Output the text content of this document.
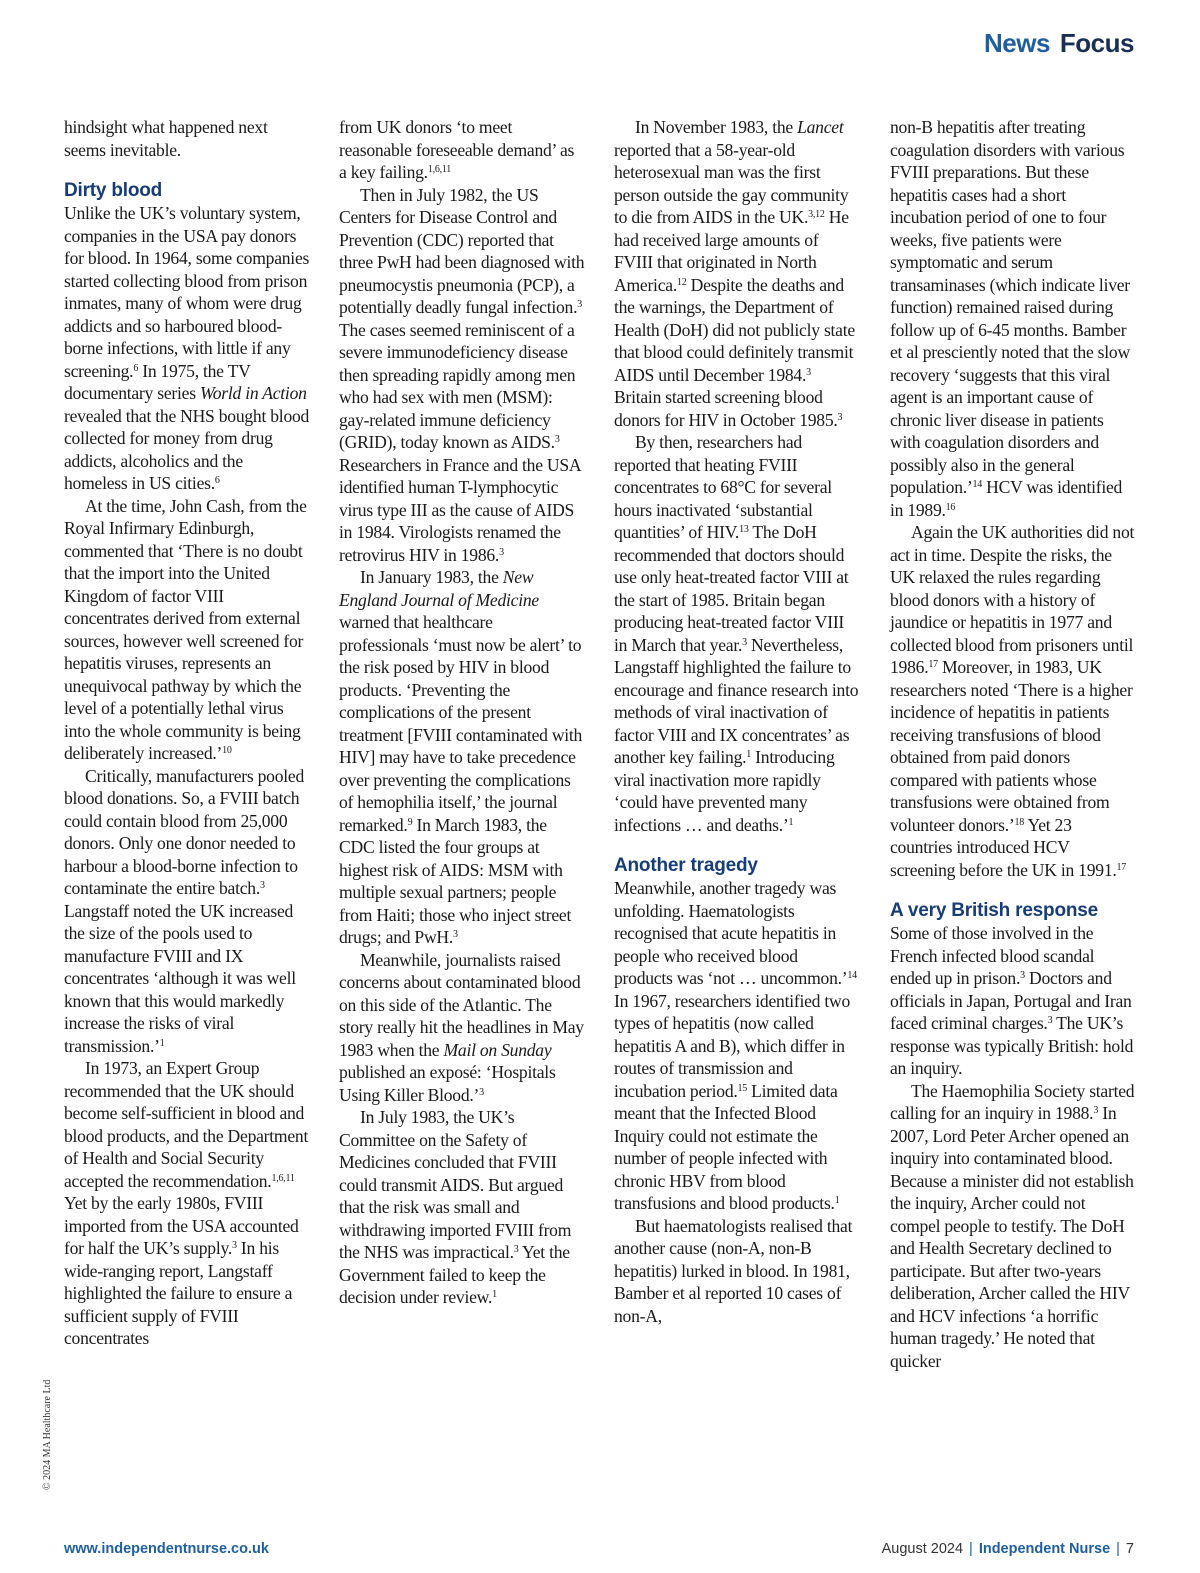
News Focus

hindsight what happened next seems inevitable.

Dirty blood

Unlike the UK’s voluntary system, companies in the USA pay donors for blood. In 1964, some companies started collecting blood from prison inmates, many of whom were drug addicts and so harboured blood-borne infections, with little if any screening.$^6$ In 1975, the TV documentary series World in Action revealed that the NHS bought blood collected for money from drug addicts, alcoholics and the homeless in US cities.$^6$

At the time, John Cash, from the Royal Infirmary Edinburgh, commented that ‘There is no doubt that the import into the United Kingdom of factor VIII concentrates derived from external sources, however well screened for hepatitis viruses, represents an unequivocal pathway by which the level of a potentially lethal virus into the whole community is being deliberately increased.’$^{10}$

Critically, manufacturers pooled blood donations. So, a FVIII batch could contain blood from 25,000 donors. Only one donor needed to harbour a blood-borne infection to contaminate the entire batch.$^3$ Langstaff noted the UK increased the size of the pools used to manufacture FVIII and IX concentrates ‘although it was well known that this would markedly increase the risks of viral transmission.’$^1$

In 1973, an Expert Group recommended that the UK should become self-sufficient in blood and blood products, and the Department of Health and Social Security accepted the recommendation.$^{1,6,11}$ Yet by the early 1980s, FVIII imported from the USA accounted for half the UK’s supply.$^3$ In his wide-ranging report, Langstaff highlighted the failure to ensure a sufficient supply of FVIII concentrates

from UK donors ‘to meet reasonable foreseeable demand’ as a key failing.$^{1,6,11}$

Then in July 1982, the US Centers for Disease Control and Prevention (CDC) reported that three PwH had been diagnosed with pneumocystis pneumonia (PCP), a potentially deadly fungal infection.$^3$ The cases seemed reminiscent of a severe immunodeficiency disease then spreading rapidly among men who had sex with men (MSM): gay-related immune deficiency (GRID), today known as AIDS.$^3$ Researchers in France and the USA identified human T-lymphocytic virus type III as the cause of AIDS in 1984. Virologists renamed the retrovirus HIV in 1986.$^3$

In January 1983, the New England Journal of Medicine warned that healthcare professionals ‘must now be alert’ to the risk posed by HIV in blood products. ‘Preventing the complications of the present treatment [FVIII contaminated with HIV] may have to take precedence over preventing the complications of hemophilia itself,’ the journal remarked.$^9$ In March 1983, the CDC listed the four groups at highest risk of AIDS: MSM with multiple sexual partners; people from Haiti; those who inject street drugs; and PwH.$^3$

Meanwhile, journalists raised concerns about contaminated blood on this side of the Atlantic. The story really hit the headlines in May 1983 when the Mail on Sunday published an exposé: ‘Hospitals Using Killer Blood.’$^3$

In July 1983, the UK’s Committee on the Safety of Medicines concluded that FVIII could transmit AIDS. But argued that the risk was small and withdrawing imported FVIII from the NHS was impractical.$^3$ Yet the Government failed to keep the decision under review.$^1$

In November 1983, the Lancet reported that a 58-year-old heterosexual man was the first person outside the gay community to die from AIDS in the UK.$^{3,12}$ He had received large amounts of FVIII that originated in North America.$^{12}$ Despite the deaths and the warnings, the Department of Health (DoH) did not publicly state that blood could definitely transmit AIDS until December 1984.$^3$ Britain started screening blood donors for HIV in October 1985.$^3$

By then, researchers had reported that heating FVIII concentrates to 68°C for several hours inactivated ‘substantial quantities’ of HIV.$^{13}$ The DoH recommended that doctors should use only heat-treated factor VIII at the start of 1985. Britain began producing heat-treated factor VIII in March that year.$^3$ Nevertheless, Langstaff highlighted the failure to encourage and finance research into methods of viral inactivation of factor VIII and IX concentrates’ as another key failing.$^1$ Introducing viral inactivation more rapidly ‘could have prevented many infections … and deaths.’$^1$

Another tragedy

Meanwhile, another tragedy was unfolding. Haematologists recognised that acute hepatitis in people who received blood products was ‘not … uncommon.’$^{14}$ In 1967, researchers identified two types of hepatitis (now called hepatitis A and B), which differ in routes of transmission and incubation period.$^{15}$ Limited data meant that the Infected Blood Inquiry could not estimate the number of people infected with chronic HBV from blood transfusions and blood products.$^1$

But haematologists realised that another cause (non-A, non-B hepatitis) lurked in blood. In 1981, Bamber et al reported 10 cases of non-A,

non-B hepatitis after treating coagulation disorders with various FVIII preparations. But these hepatitis cases had a short incubation period of one to four weeks, five patients were symptomatic and serum transaminases (which indicate liver function) remained raised during follow up of 6-45 months. Bamber et al presciently noted that the slow recovery ‘suggests that this viral agent is an important cause of chronic liver disease in patients with coagulation disorders and possibly also in the general population.’$^{14}$ HCV was identified in 1989.16

Again the UK authorities did not act in time. Despite the risks, the UK relaxed the rules regarding blood donors with a history of jaundice or hepatitis in 1977 and collected blood from prisoners until 1986.17 Moreover, in 1983, UK researchers noted ‘There is a higher incidence of hepatitis in patients receiving transfusions of blood obtained from paid donors compared with patients whose transfusions were obtained from volunteer donors.’$^{18}$ Yet 23 countries introduced HCV screening before the UK in 1991.17

A very British response

Some of those involved in the French infected blood scandal ended up in prison.$^3$ Doctors and officials in Japan, Portugal and Iran faced criminal charges.$^3$ The UK’s response was typically British: hold an inquiry.

The Haemophilia Society started calling for an inquiry in 1988.$^3$ In 2007, Lord Peter Archer opened an inquiry into contaminated blood. Because a minister did not establish the inquiry, Archer could not compel people to testify. The DoH and Health Secretary declined to participate. But after two-years deliberation, Archer called the HIV and HCV infections ‘a horrific human tragedy.’ He noted that quicker

© 2024 MA Healthcare Ltd
www.independentnurse.co.uk	August 2024 | Independent Nurse | 7
